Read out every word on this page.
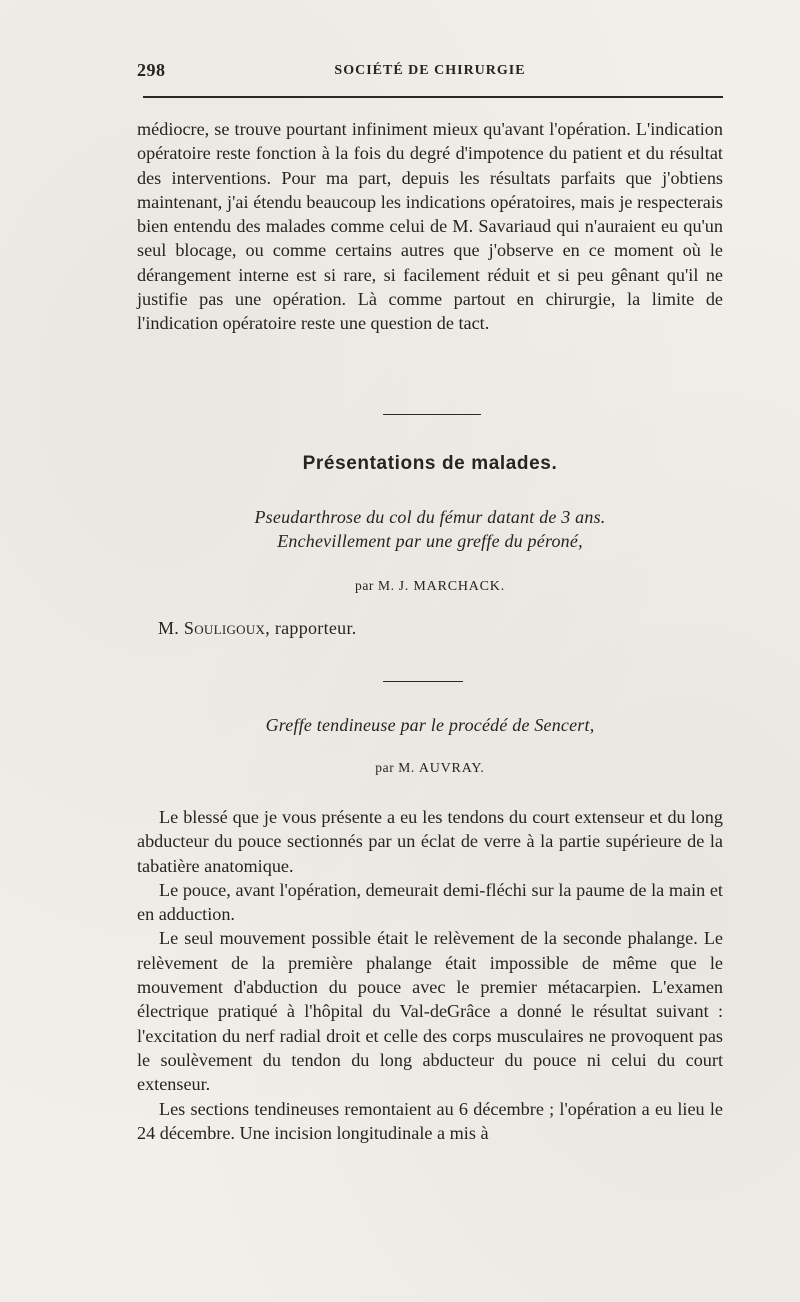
298	SOCIÉTÉ DE CHIRURGIE

médiocre, se trouve pourtant infiniment mieux qu'avant l'opération. L'indication opératoire reste fonction à la fois du degré d'impotence du patient et du résultat des interventions. Pour ma part, depuis les résultats parfaits que j'obtiens maintenant, j'ai étendu beaucoup les indications opératoires, mais je respecterais bien entendu des malades comme celui de M. Savariaud qui n'auraient eu qu'un seul blocage, ou comme certains autres que j'observe en ce moment où le dérangement interne est si rare, si facilement réduit et si peu gênant qu'il ne justifie pas une opération. Là comme partout en chirurgie, la limite de l'indication opératoire reste une question de tact.

Présentations de malades.
Pseudarthrose du col du fémur datant de 3 ans.
Enchevillement par une greffe du péroné,
par M. J. MARCHACK.
M. Souligoux, rapporteur.
Greffe tendineuse par le procédé de Sencert,
par M. AUVRAY.

Le blessé que je vous présente a eu les tendons du court extenseur et du long abducteur du pouce sectionnés par un éclat de verre à la partie supérieure de la tabatière anatomique.

Le pouce, avant l'opération, demeurait demi-fléchi sur la paume de la main et en adduction.

Le seul mouvement possible était le relèvement de la seconde phalange. Le relèvement de la première phalange était impossible de même que le mouvement d'abduction du pouce avec le premier métacarpien. L'examen électrique pratiqué à l'hôpital du Val-deGrâce a donné le résultat suivant : l'excitation du nerf radial droit et celle des corps musculaires ne provoquent pas le soulèvement du tendon du long abducteur du pouce ni celui du court extenseur.

Les sections tendineuses remontaient au 6 décembre ; l'opération a eu lieu le 24 décembre. Une incision longitudinale a mis à
